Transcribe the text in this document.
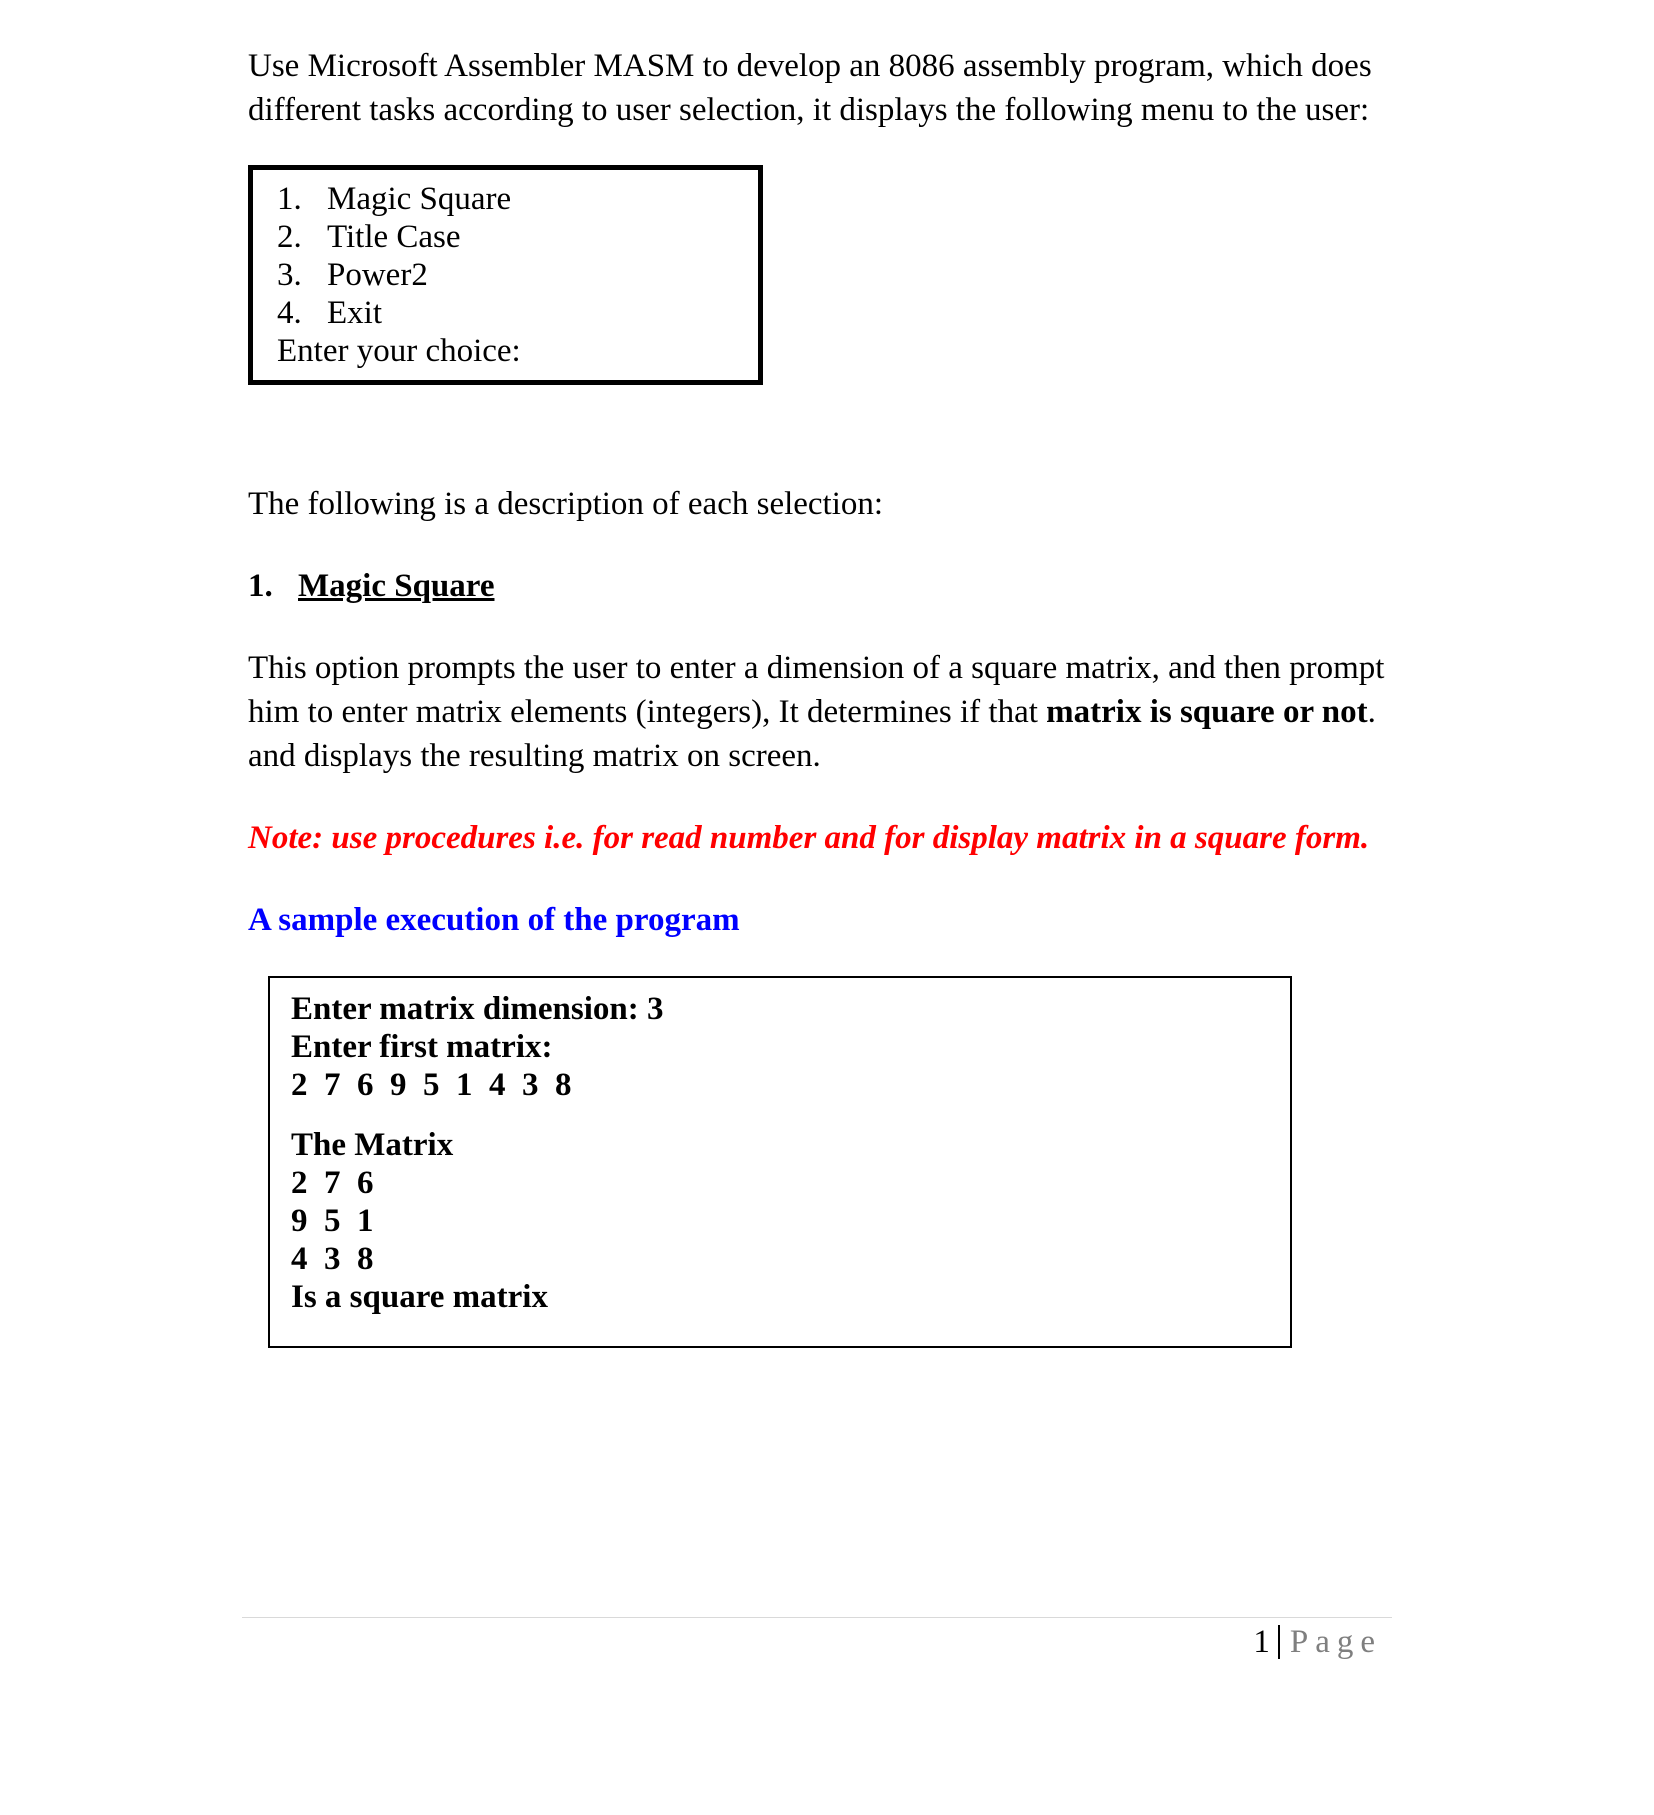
Use Microsoft Assembler MASM to develop an 8086 assembly program, which does
different tasks according to user selection, it displays the following menu to the user:
1. Magic Square
2. Title Case
3. Power2
4. Exit
Enter your choice:

The following is a description of each selection:

1. Magic Square
This option prompts the user to enter a dimension of a square matrix, and then prompt
him to enter matrix elements (integers), It determines if that matrix is square or not.
and displays the resulting matrix on screen.

Note: use procedures i.e. for read number and for display matrix in a square form.

A sample execution of the program

Enter matrix dimension: 3
Enter first matrix:
2  7  6  9  5  1  4  3  8
The Matrix
2  7  6
9  5  1
4  3  8
Is a square matrix
1 Page
